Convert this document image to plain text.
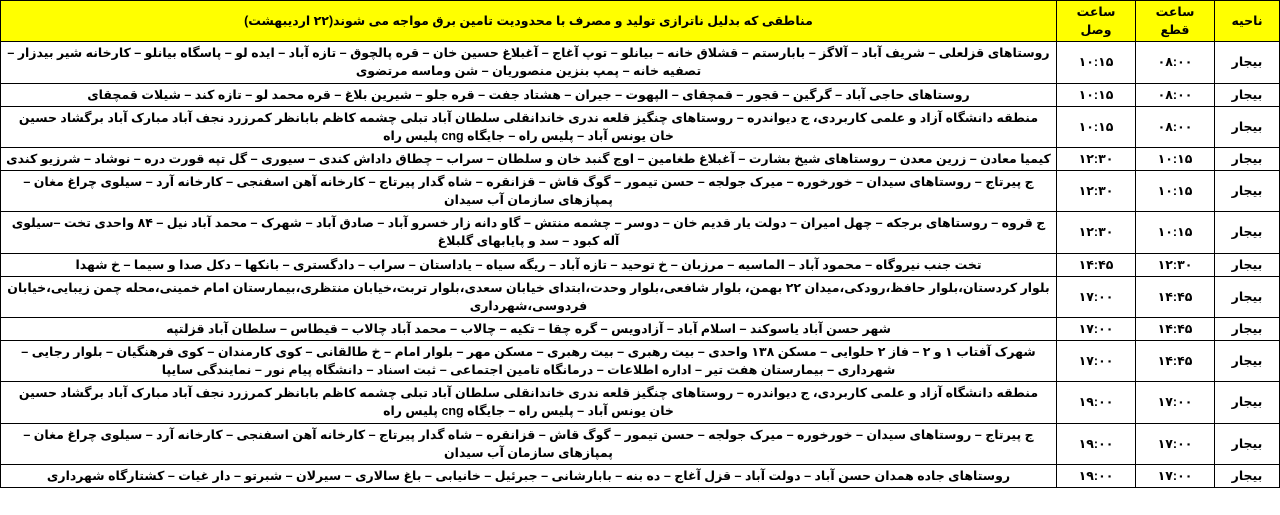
ناحیه	ساعت قطع	ساعت وصل	مناطقی که بدلیل ناترازی تولید و مصرف با محدودیت تامین برق مواجه می شوند(۲۲ اردیبهشت)
بیجار	۰۸:۰۰	۱۰:۱۵	روستاهای قزلعلی – شریف آباد – آلاگز – بابارستم – قشلاق خانه – بیانلو – توپ آغاج – آغبلاغ حسین خان – قره پالچوق – تازه آباد – ایده لو – پاسگاه بیانلو – کارخانه شیر بیدزار – تصفیه خانه – پمپ بنزین منصوریان – شن وماسه مرتضوی
بیجار	۰۸:۰۰	۱۰:۱۵	روستاهای حاجی آباد – گرگین – قجور – قمچقای – الپهوت – جیران – هشتاد جفت – قره جلو – شیرین بلاغ – قره محمد لو – تازه کند – شیلات قمچقای
بیجار	۰۸:۰۰	۱۰:۱۵	منطقه دانشگاه آزاد و علمی کاربردی، ج دیواندره – روستاهای چنگیز قلعه ندری خاندانقلی سلطان آباد تبلی چشمه کاظم بابانظر کمرزرد نجف آباد مبارک آباد برگشاد حسین خان یونس آباد – پلیس راه – جایگاه cng پلیس راه
بیجار	۱۰:۱۵	۱۲:۳۰	کیمیا معادن – زرین معدن – روستاهای شیخ بشارت – آغبلاغ طغامین – اوج گنبد خان و سلطان – سراب – چطاق داداش کندی – سیوری – گل تپه قورت دره – نوشاد – شرزیو کندی
بیجار	۱۰:۱۵	۱۲:۳۰	ج پیرتاج – روستاهای سیدان – خورخوره – میرک جولجه – حسن تیمور – گوگ قاش – قزانقره – شاه گدار پیرتاج – کارخانه آهن اسفنجی – کارخانه آرد – سیلوی چراغ مغان – پمپازهای سازمان آب سیدان
بیجار	۱۰:۱۵	۱۲:۳۰	ج قروه – روستاهای برجکه – چهل امیران – دولت یار قدیم خان – دوسر – چشمه منتش – گاو دانه زار خسرو آباد – صادق آباد – شهرک – محمد آباد نیل – ۸۴ واحدی تخت –سیلوی آله کبود – سد و پایابهای گلبلاغ
بیجار	۱۲:۳۰	۱۴:۴۵	تخت جنب نیروگاه – محمود آباد – الماسیه – مرزبان – خ توحید – تازه آباد – ریگه سیاه – یاداستان – سراب – دادگستری – بانکها – دکل صدا و سیما – خ شهدا
بیجار	۱۴:۴۵	۱۷:۰۰	بلوار کردستان،بلوار حافظ،رودکی،میدان ۲۲ بهمن، بلوار شافعی،بلوار وحدت،ابتدای خیابان سعدی،بلوار تربت،خیابان منتظری،بیمارستان امام خمینی،محله چمن زیبایی،خیابان فردوسی،شهرداری
بیجار	۱۴:۴۵	۱۷:۰۰	شهر حسن آباد یاسوکند – اسلام آباد – آزادویس – گره چقا – تکیه – چالاب – محمد آباد چالاب – قیطاس – سلطان آباد قزلتپه
بیجار	۱۴:۴۵	۱۷:۰۰	شهرک آفتاب ۱ و ۲ – فاز ۲ حلوایی – مسکن ۱۳۸ واحدی – بیت رهبری – بیت رهبری – مسکن مهر – بلوار امام – خ طالقانی – کوی کارمندان – کوی فرهنگیان – بلوار رجایی – شهرداری – بیمارستان هفت تیر – اداره اطلاعات – درمانگاه تامین اجتماعی – ثبت اسناد – دانشگاه پیام نور – نمایندگی سایپا
بیجار	۱۷:۰۰	۱۹:۰۰	منطقه دانشگاه آزاد و علمی کاربردی، ج دیواندره – روستاهای چنگیز قلعه ندری خاندانقلی سلطان آباد تبلی چشمه کاظم بابانظر کمرزرد نجف آباد مبارک آباد برگشاد حسین خان یونس آباد – پلیس راه – جایگاه cng پلیس راه
بیجار	۱۷:۰۰	۱۹:۰۰	ج پیرتاج – روستاهای سیدان – خورخوره – میرک جولجه – حسن تیمور – گوگ قاش – قزانقره – شاه گدار پیرتاج – کارخانه آهن اسفنجی – کارخانه آرد – سیلوی چراغ مغان – پمپازهای سازمان آب سیدان
بیجار	۱۷:۰۰	۱۹:۰۰	روستاهای جاده همدان حسن آباد – دولت آباد – قزل آغاج – ده بنه – بابارشانی – جبرئیل – خانیابی – باغ سالاری – سیرلان – شبرتو – دار غیات – کشتارگاه شهرداری
